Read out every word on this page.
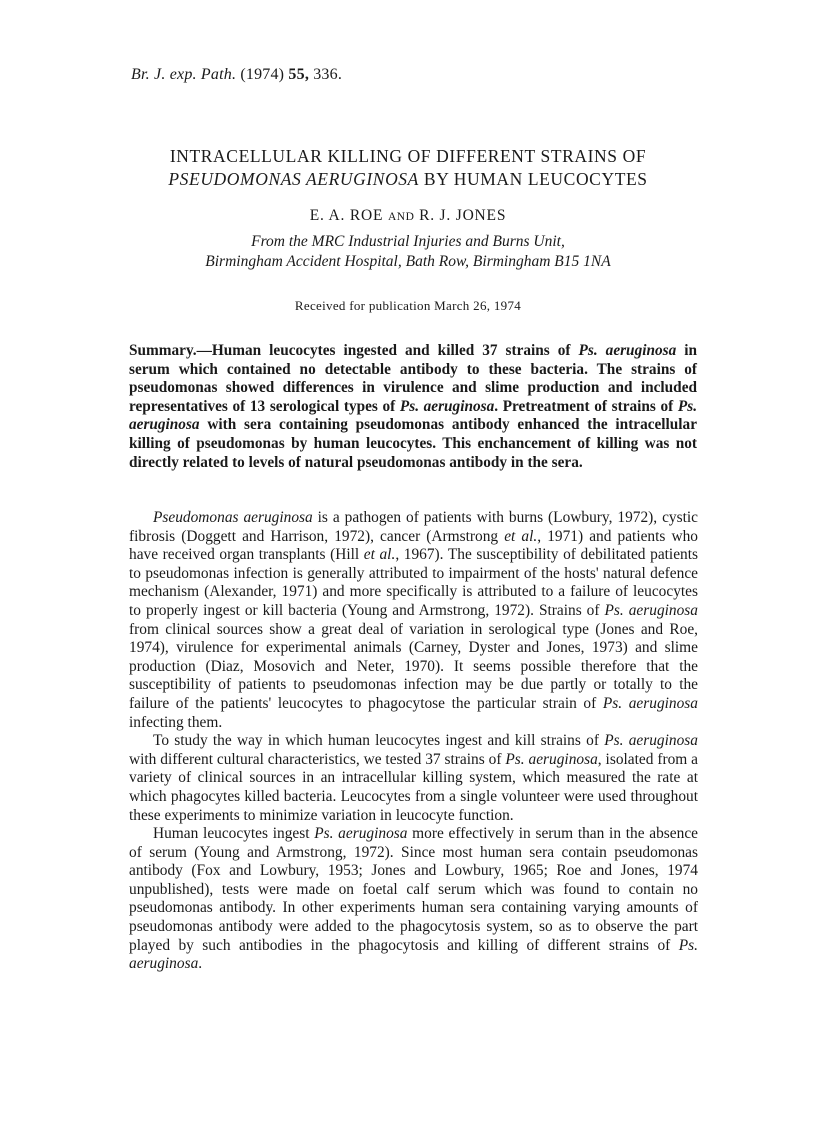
Br. J. exp. Path. (1974) 55, 336.
INTRACELLULAR KILLING OF DIFFERENT STRAINS OF
PSEUDOMONAS AERUGINOSA BY HUMAN LEUCOCYTES
E. A. ROE AND R. J. JONES
From the MRC Industrial Injuries and Burns Unit,
Birmingham Accident Hospital, Bath Row, Birmingham B15 1NA
Received for publication March 26, 1974
Summary.—Human leucocytes ingested and killed 37 strains of Ps. aeruginosa in serum which contained no detectable antibody to these bacteria. The strains of pseudomonas showed differences in virulence and slime production and included representatives of 13 serological types of Ps. aeruginosa. Pretreatment of strains of Ps. aeruginosa with sera containing pseudomonas antibody enhanced the intracellular killing of pseudomonas by human leucocytes. This enchancement of killing was not directly related to levels of natural pseudomonas antibody in the sera.

Pseudomonas aeruginosa is a pathogen of patients with burns (Lowbury, 1972), cystic fibrosis (Doggett and Harrison, 1972), cancer (Armstrong et al., 1971) and patients who have received organ transplants (Hill et al., 1967). The susceptibility of debilitated patients to pseudomonas infection is generally attributed to impairment of the hosts' natural defence mechanism (Alexander, 1971) and more specifically is attributed to a failure of leucocytes to properly ingest or kill bacteria (Young and Armstrong, 1972). Strains of Ps. aeruginosa from clinical sources show a great deal of variation in serological type (Jones and Roe, 1974), virulence for experimental animals (Carney, Dyster and Jones, 1973) and slime production (Diaz, Mosovich and Neter, 1970). It seems possible therefore that the susceptibility of patients to pseudomonas infection may be due partly or totally to the failure of the patients' leucocytes to phagocytose the particular strain of Ps. aeruginosa infecting them.

To study the way in which human leucocytes ingest and kill strains of Ps. aeruginosa with different cultural characteristics, we tested 37 strains of Ps. aeruginosa, isolated from a variety of clinical sources in an intracellular killing system, which measured the rate at which phagocytes killed bacteria. Leucocytes from a single volunteer were used throughout these experiments to minimize variation in leucocyte function.

Human leucocytes ingest Ps. aeruginosa more effectively in serum than in the absence of serum (Young and Armstrong, 1972). Since most human sera contain pseudomonas antibody (Fox and Lowbury, 1953; Jones and Lowbury, 1965; Roe and Jones, 1974 unpublished), tests were made on foetal calf serum which was found to contain no pseudomonas antibody. In other experiments human sera containing varying amounts of pseudomonas antibody were added to the phagocytosis system, so as to observe the part played by such antibodies in the phagocytosis and killing of different strains of Ps. aeruginosa.
